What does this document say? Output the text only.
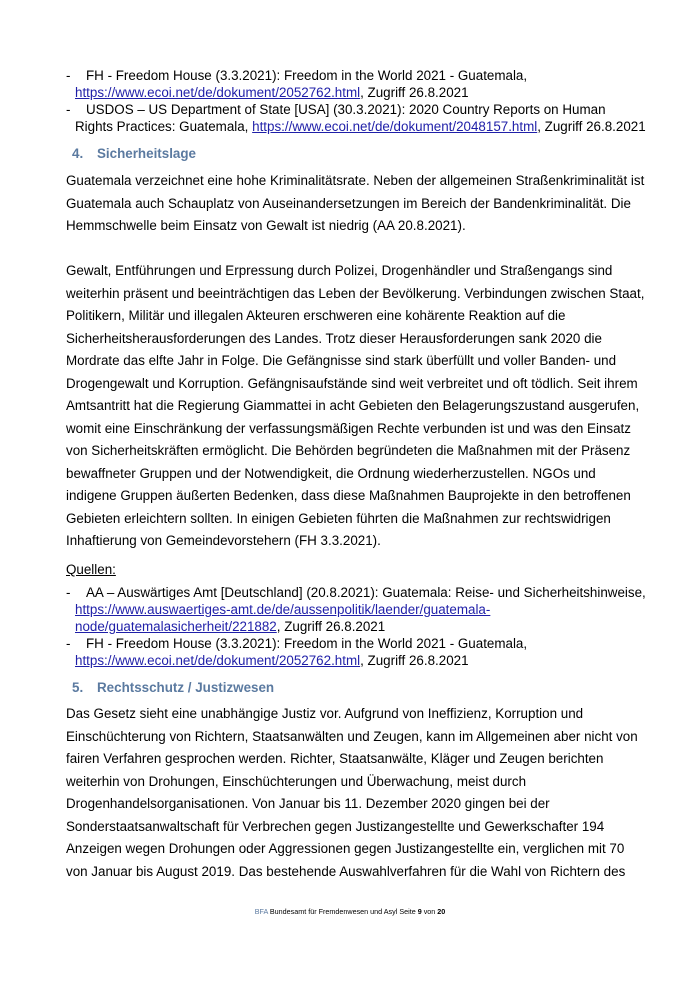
- FH - Freedom House (3.3.2021): Freedom in the World 2021 - Guatemala,
https://www.ecoi.net/de/dokument/2052762.html, Zugriff 26.8.2021
- USDOS – US Department of State [USA] (30.3.2021): 2020 Country Reports on Human Rights Practices: Guatemala, https://www.ecoi.net/de/dokument/2048157.html, Zugriff 26.8.2021
4. Sicherheitslage

Guatemala verzeichnet eine hohe Kriminalitätsrate. Neben der allgemeinen Straßenkriminalität ist Guatemala auch Schauplatz von Auseinandersetzungen im Bereich der Bandenkriminalität. Die Hemmschwelle beim Einsatz von Gewalt ist niedrig (AA 20.8.2021).

Gewalt, Entführungen und Erpressung durch Polizei, Drogenhändler und Straßengangs sind weiterhin präsent und beeinträchtigen das Leben der Bevölkerung. Verbindungen zwischen Staat, Politikern, Militär und illegalen Akteuren erschweren eine kohärente Reaktion auf die Sicherheitsherausforderungen des Landes. Trotz dieser Herausforderungen sank 2020 die Mordrate das elfte Jahr in Folge. Die Gefängnisse sind stark überfüllt und voller Banden- und Drogengewalt und Korruption. Gefängnisaufstände sind weit verbreitet und oft tödlich. Seit ihrem Amtsantritt hat die Regierung Giammattei in acht Gebieten den Belagerungszustand ausgerufen, womit eine Einschränkung der verfassungsmäßigen Rechte verbunden ist und was den Einsatz von Sicherheitskräften ermöglicht. Die Behörden begründeten die Maßnahmen mit der Präsenz bewaffneter Gruppen und der Notwendigkeit, die Ordnung wiederherzustellen. NGOs und indigene Gruppen äußerten Bedenken, dass diese Maßnahmen Bauprojekte in den betroffenen Gebieten erleichtern sollten. In einigen Gebieten führten die Maßnahmen zur rechtswidrigen Inhaftierung von Gemeindevorstehern (FH 3.3.2021).

Quellen:

- AA – Auswärtiges Amt [Deutschland] (20.8.2021): Guatemala: Reise- und Sicherheitshinweise,
https://www.auswaertiges-amt.de/de/aussenpolitik/laender/guatemala-node/guatemalasicherheit/221882, Zugriff 26.8.2021
- FH - Freedom House (3.3.2021): Freedom in the World 2021 - Guatemala,
https://www.ecoi.net/de/dokument/2052762.html, Zugriff 26.8.2021
5. Rechtsschutz / Justizwesen

Das Gesetz sieht eine unabhängige Justiz vor. Aufgrund von Ineffizienz, Korruption und Einschüchterung von Richtern, Staatsanwälten und Zeugen, kann im Allgemeinen aber nicht von fairen Verfahren gesprochen werden. Richter, Staatsanwälte, Kläger und Zeugen berichten weiterhin von Drohungen, Einschüchterungen und Überwachung, meist durch Drogenhandelsorganisationen. Von Januar bis 11. Dezember 2020 gingen bei der Sonderstaatsanwaltschaft für Verbrechen gegen Justizangestellte und Gewerkschafter 194 Anzeigen wegen Drohungen oder Aggressionen gegen Justizangestellte ein, verglichen mit 70 von Januar bis August 2019. Das bestehende Auswahlverfahren für die Wahl von Richtern des

BFA Bundesamt für Fremdenwesen und Asyl Seite 9 von 20
